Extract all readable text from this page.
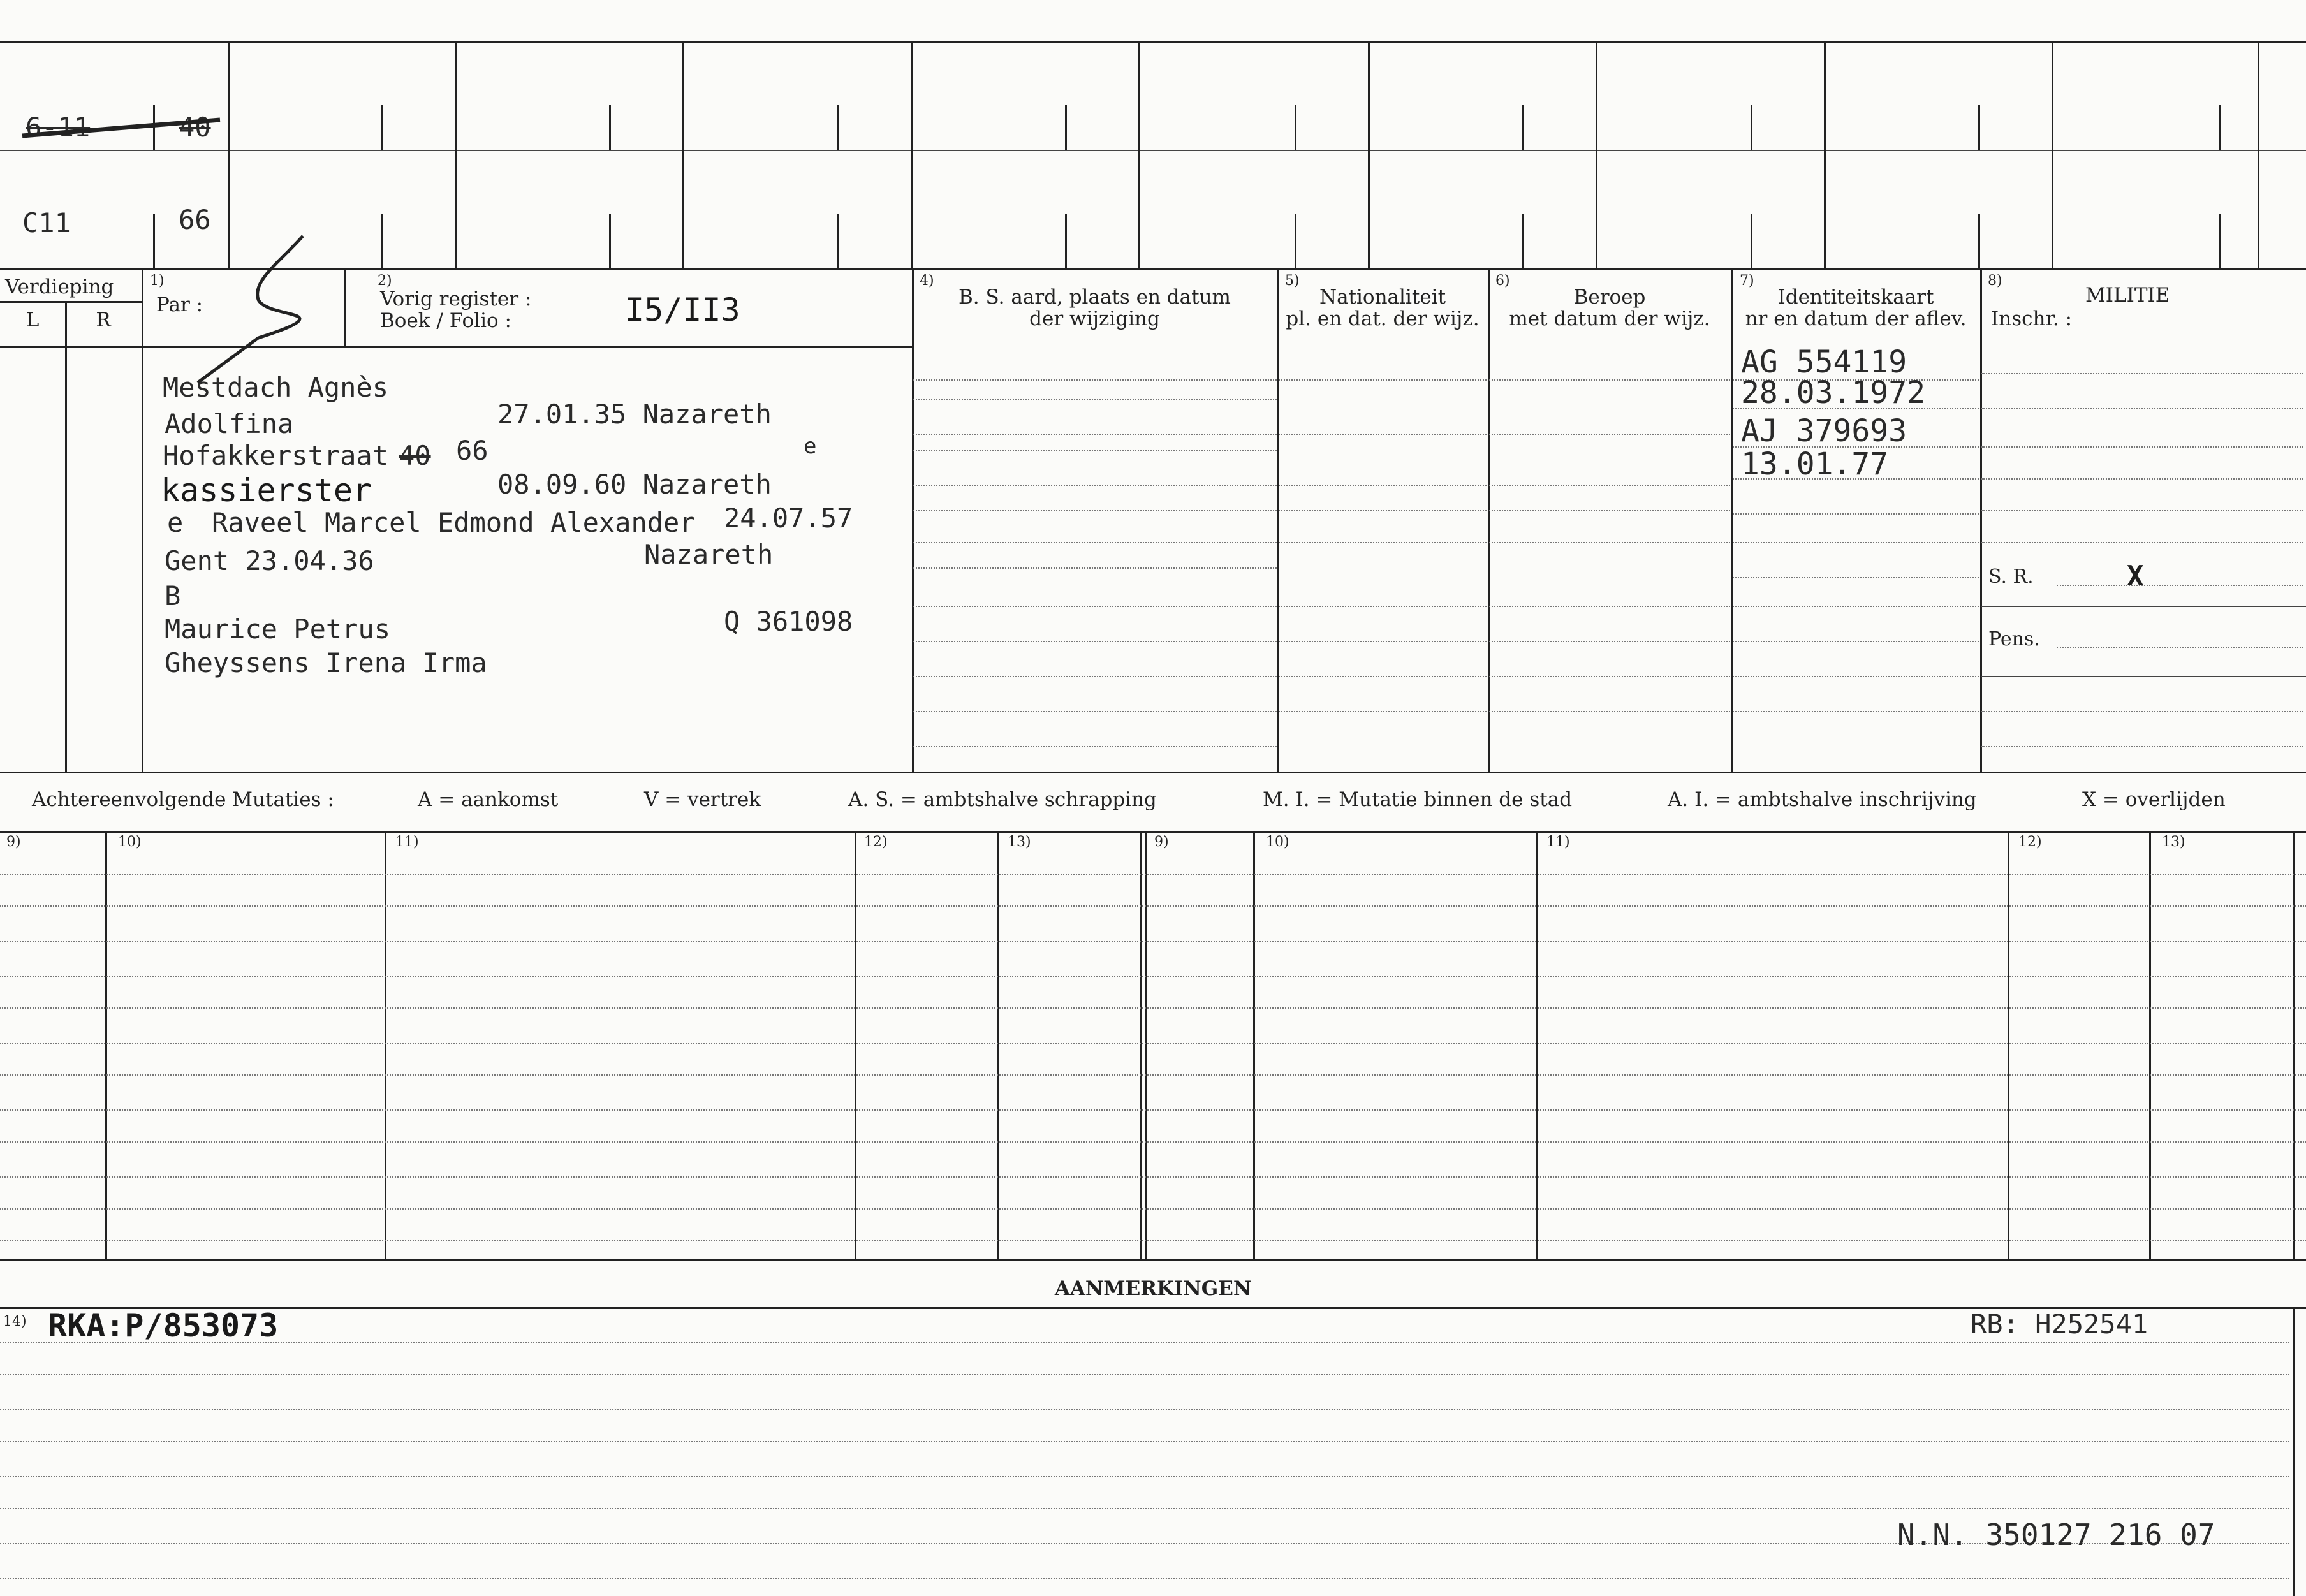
6-11	40
C11	66
Verdieping
L	R
1)
Par :
2)
Vorig register :
Boek / Folio :	I5/II3
4)
B. S. aard, plaats en datum
der wijziging
5)
Nationaliteit
pl. en dat. der wijz.
6)
Beroep
met datum der wijz.
7)
Identiteitskaart
nr en datum der aflev.
8)
MILITIE
Inschr. :
S. R.	X
Pens.
Mestdach Agnès
Adolfina	27.01.35 Nazareth
Hofakkerstraat 40 66	e
kassierster	08.09.60 Nazareth
e Raveel Marcel Edmond Alexander 24.07.57
Gent 23.04.36	Nazareth
B
Maurice Petrus	Q 361098
Gheyssens Irena Irma
AG 554119
28.03.1972
AJ 379693
13.01.77
Achtereenvolgende Mutaties :	A = aankomst	V = vertrek	A. S. = ambtshalve schrapping	M. I. = Mutatie binnen de stad	A. I. = ambtshalve inschrijving	X = overlijden
9)	10)	11)	12)	13)	9)	10)	11)	12)	13)
AANMERKINGEN
14) RKA:P/853073	RB: H252541
N.N. 350127 216 07
